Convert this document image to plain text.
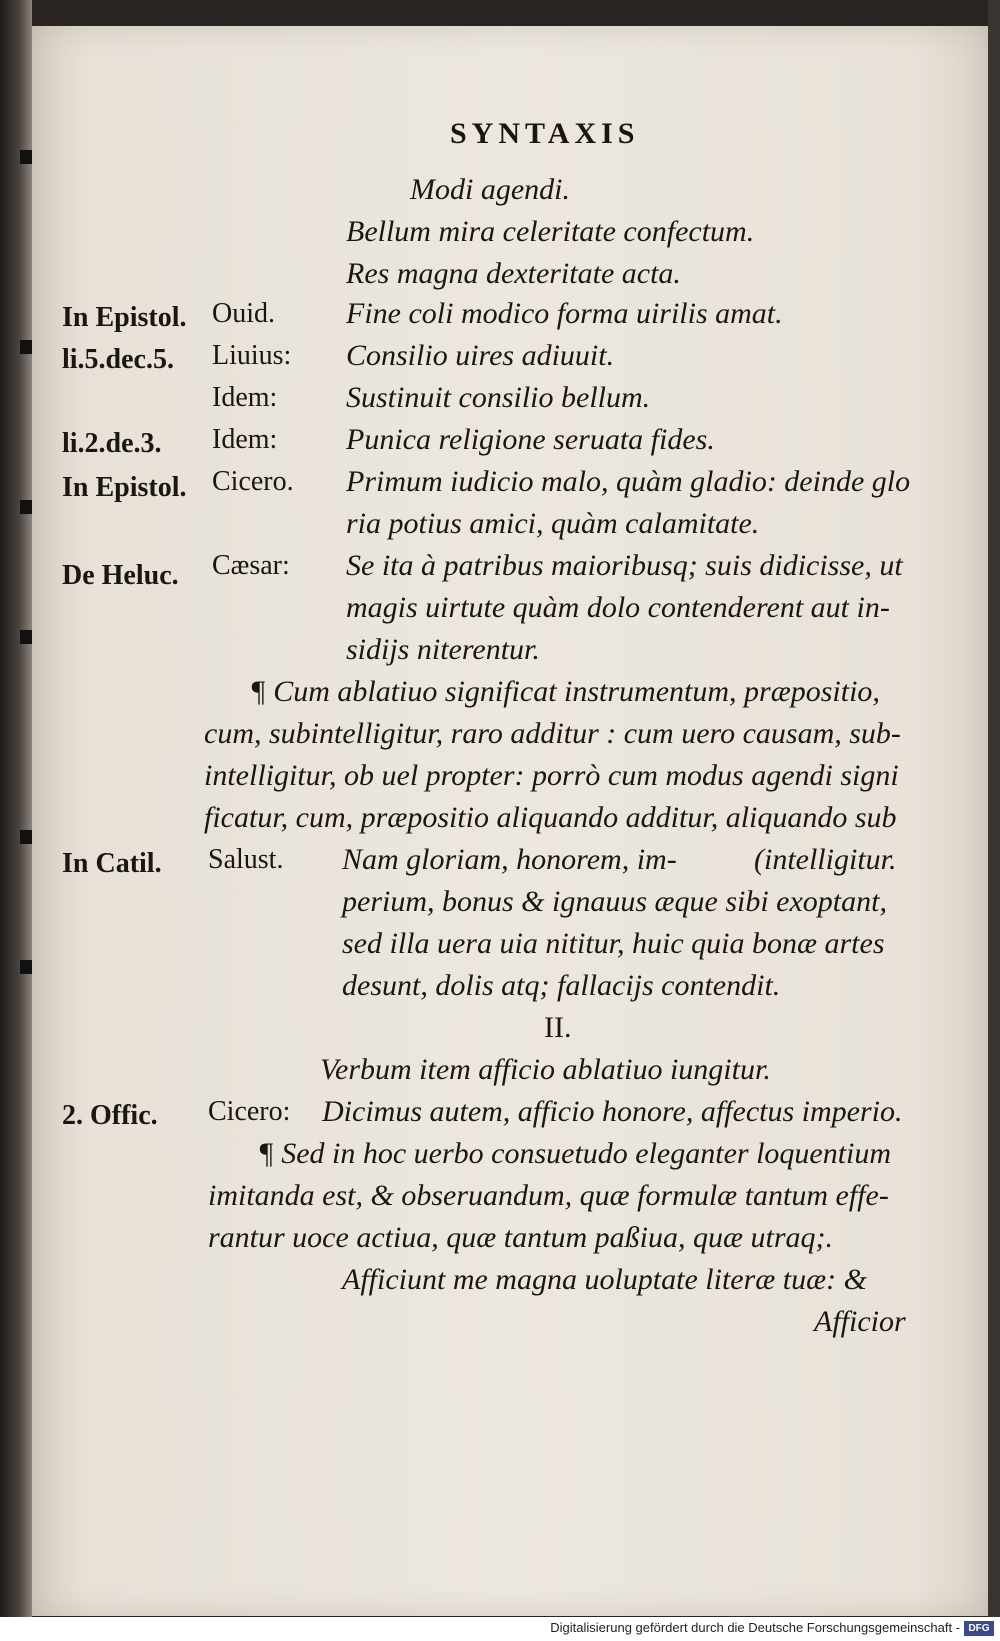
SYNTAXIS
Modi agendi.
Bellum mira celeritate confectum.
Res magna dexteritate acta.
In Epistol. Ouid. Fine coli modico forma uirilis amat.
li.5.dec.5. Liuius: Consilio uires adiuuit.
Idem: Sustinuit consilio bellum.
li.2.de.3. Idem: Punica religione seruata fides.
In Epistol. Cicero. Primum iudicio malo, quàm gladio: deinde glo
ria potius amici, quàm calamitate.
De Heluc. Cæsar: Se ita à patribus maioribusq; suis didicisse, ut
magis uirtute quàm dolo contenderent aut in-
sidijs niterentur.
¶ Cum ablatiuo significat instrumentum, præpositio,
cum, subintelligitur, raro additur : cum uero causam, sub-
intelligitur, ob uel propter: porrò cum modus agendi signi
ficatur, cum, præpositio aliquando additur, aliquando sub
In Catil. Salust. Nam gloriam, honorem, im-	(intelligitur.
perium, bonus & ignauus æque sibi exoptant,
sed illa uera uia nititur, huic quia bonæ artes
desunt, dolis atq; fallacijs contendit.
II.
Verbum item afficio ablatiuo iungitur.
2. Offic. Cicero: Dicimus autem, afficio honore, affectus imperio.
¶ Sed in hoc uerbo consuetudo eleganter loquentium
imitanda est, & obseruandum, quæ formulæ tantum effe-
rantur uoce actiua, quæ tantum paßiua, quæ utraq;.
Afficiunt me magna uoluptate literæ tuæ: &
Afficior
Digitalisierung gefördert durch die Deutsche Forschungsgemeinschaft - DFG
